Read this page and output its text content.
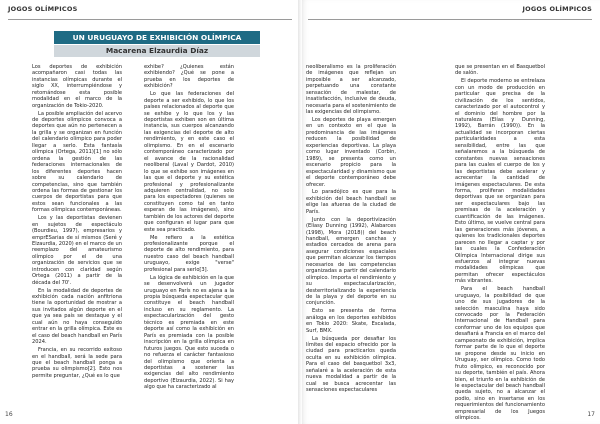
JOGOS OLÍMPICOS	JOGOS OLÍMPICOS
UN URUGUAYO DE EXHIBICIÓN OLÍMPICA
Macarena Elzaurdia Díaz

Los deportes de exhibición acompañaron casi todas las instancias olímpicas durante el siglo XX, interrumpiéndose y retomándose esta posible modalidad en el marco de la organización de Tokio-2020.

La posible ampliación del acervo de deportes olímpicos convoca a deportes que aún no pertenecen a la grilla y se organizan en función del calendario olímpico para poder llegar a serlo. Esta fantasía olímpica (Ortega, 2011)[1] no sólo ordena la gestión de las federaciones internacionales de los diferentes deportes hacen sobre su calendario de competencias, sino que también ordena las formas de gestionar los cuerpos de deportistas para que estos sean funcionales a las formas olímpicas contemporáneas.

Los y las deportistas devienen en sujetos de espectáculo (Bourdieu, 1997), empresarios y emprESarias de sí mismos (Seré y Elzaurdia, 2020) en el marco de un reemplazo del amateurismo olímpico por el de una organización de servicios que se introducen con claridad según Ortega (2011) a partir de la década del 70'.

En la modalidad de deportes de exhibición cada nación anfitriona tiene la oportunidad de mostrar a sus invitados algún deporte en el que ya sea país se destaque y el cual aún no haya conseguido entrar en la grilla olímpica. Este es el caso del beach handball en París 2024.

Francia, en su recorrido exitoso en el handball, será la sede para que el beach handball ponga a prueba su olimpismo[2]. Esto nos permite preguntar, ¿Qué es lo que

exhibe? ¿Quienes están exhibiendo? ¿Qué se pone a prueba en los deportes de exhibición?

Lo que las federaciones del deporte a ser exhibido, lo que los países relacionados al deporte que se exhibe y lo que los y las deportistas exhiben son en última instancia, sus cuerpos alcanzando las exigencias del deporte de alto rendimiento, y en este caso el olimpismo. En en el escenario contemporáneo caracterizado por el avance de la racionalidad neoliberal (Laval y Dardot, 2010) lo que se exhibe son imágenes en las que el deporte y su estética profesional y profesionalizante adquieren centralidad, no solo para los espectadores (quienes se constituyen como tal en tanto esperan de las imágenes), sino también de los actores del deporte que configuran el lugar para que este sea practicado.

Me refiero a la estética profesionalizante porque el deporte de alto rendimiento, para nuestro caso del beach handball uruguayo, exige "verse" profesional para serlo[3].

La lógica de exhibición en la que se desenvolverá un jugador uruguayo en París no es ajena a la propia búsqueda espectacular que constituye el beach handball incluso en su reglamento. La espectacularización del gesto técnico es premiada en este deporte así como la exhibición en París es premiada con la posible inscripción en la grilla olímpica en futuros juegos. Que esto suceda o no refuerza el carácter fantasioso del olimpismo que orienta a deportistas a sostener las exigencias del alto rendimiento deportivo (Elzaurdia, 2022). Si hay algo que ha caracterizado al

neoliberalismo es la proliferación de imágenes que reflejan un imposible a ser alcanzado, perpetuando una constante sensación de malestar, de insatisfacción, inclusive de deuda, necesaria para el sostenimiento de las exigencias del olimpismo.

Los deportes de playa emergen en un contexto en el que la predominancia de las imágenes reducen la posibilidad de experiencias deportivas. La playa como lugar inventado (Corbin, 1989), se presenta como un escenario propicio para la espectacularidad y dinamismo que el deporte contemporáneo debe ofrecer.

Lo paradójico es que para la exhibición del beach handball se elige las afueras de la ciudad de París.

Junto con la deportivización (Elíasy Dunning (1992), Alabarces (1998), Mora (2018)) del beach handball, emergen canchas y estadios cercados de arena para asegurar condiciones espaciales que permitan alcanzar los tiempos necesarios de las competencias organizadas a partir del calendario olímpico. Importa el rendimiento y su espectacularización, desterritorializando la experiencia de la playa y del deporte en su conjunción.

Esto se presenta de forma análoga en los deportes exhibidos en Tokio 2020: Skate, Escalada, Surf, BMX.

La búsqueda por desafiar los límites del espacio ofrecido por la ciudad para practicarlos queda oculta en su exhibición olímpica. Para el caso del basquetbol 3x3, señalaré a la aceleración de esta nueva modalidad a partir de la cual se busca acrecentar las sensaciones espectaculares

que se presentan en el Basquetbol de salón.

El deporte moderno se entrelaza con un modo de producción en particular que precisa de la civilización de los sentidos, caracterizado por el autocontrol y el dominio del hombre por la naturaleza (Elías y Dunning, 1992), Barrán (1990)). En la actualidad se incorporan ciertas particularidades a esta sensibilidad, entre las que señalaremos a la búsqueda de constantes nuevas sensaciones para las cuales el cuerpo de los y las deportistas debe acelerar y acrecentar la cantidad de imágenes espectaculares. De esta forma, proliferan modalidades deportivas que se organizan para ser espectaculares bajo las premisas de la aceleración y cuantificación de las imágenes. Esto último, se vuelve central para las generaciones más jóvenes, a quienes los tradicionales deportes parecen no llegar a captar y por las cuales la Confederación Olímpica Internacional dirige sus esfuerzos al integrar nuevas modalidades olímpicas que permitan ofrecer espectáculos más vibrantes.

Para el beach handball uruguayo, la posibilidad de que uno de sus jugadores de la selección masculina haya sido convocado por la Federación Internacional de Handball para conformar uno de los equipos que desafiará a Francia en el marco del campeonato de exhibición, implica formar parte de lo que el deporte se propone desde su inicio en Uruguay, ser olímpico. Como todo fruto olímpico, es reconocido por su deporte, también el país. Ahora bien, el triunfo en la exhibición de le espectacular del beach handball queda sujeto, no a alcanzar el podio, sino en insertarse en los requerimientos del funcionamiento empresarial de los Juegos olímpicos.

16	17
